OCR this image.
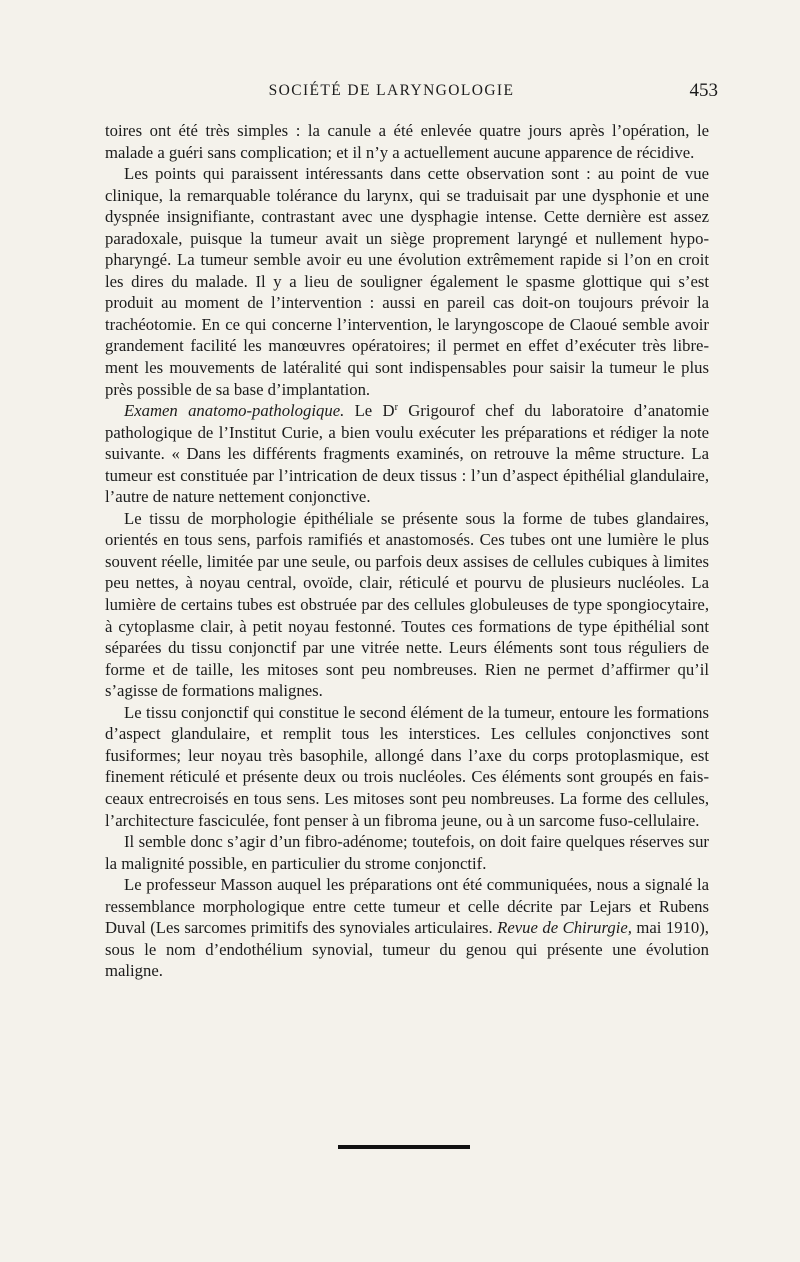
SOCIÉTÉ DE LARYNGOLOGIE	453

toires ont été très simples : la canule a été enlevée quatre jours après l’opération, le malade a guéri sans complication; et il n’y a actuellement aucune apparence de récidive.

Les points qui paraissent intéressants dans cette observation sont : au point de vue clinique, la remarquable tolérance du larynx, qui se traduisait par une dysphonie et une dyspnée insignifiante, contrastant avec une dysphagie intense. Cette dernière est assez paradoxale, puisque la tumeur avait un siège proprement laryngé et nullement hypopharyngé. La tumeur semble avoir eu une évolution extrêmement rapide si l’on en croit les dires du malade. Il y a lieu de souligner également le spasme glottique qui s’est produit au moment de l’intervention : aussi en pareil cas doit-on toujours prévoir la trachéotomie. En ce qui concerne l’intervention, le laryngoscope de Claoué semble avoir grandement facilité les manœuvres opératoires; il permet en effet d’exécuter très librement les mouvements de latéralité qui sont indispensables pour saisir la tumeur le plus près possible de sa base d’implantation.

Examen anatomo-pathologique. Le $D^r$ Grigourof chef du laboratoire d’anatomie pathologique de l’Institut Curie, a bien voulu exécuter les préparations et rédiger la note suivante. « Dans les différents fragments examinés, on retrouve la même structure. La tumeur est constituée par l’intrication de deux tissus : l’un d’aspect épithélial glandulaire, l’autre de nature nettement conjonctive.

Le tissu de morphologie épithéliale se présente sous la forme de tubes glandaires, orientés en tous sens, parfois ramifiés et anastomosés. Ces tubes ont une lumière le plus souvent réelle, limitée par une seule, ou parfois deux assises de cellules cubiques à limites peu nettes, à noyau central, ovoïde, clair, réticulé et pourvu de plusieurs nucléoles. La lumière de certains tubes est obstruée par des cellules globuleuses de type spongiocytaire, à cytoplasme clair, à petit noyau festonné. Toutes ces formations de type épithélial sont séparées du tissu conjonctif par une vitrée nette. Leurs éléments sont tous réguliers de forme et de taille, les mitoses sont peu nombreuses. Rien ne permet d’affirmer qu’il s’agisse de formations malignes.

Le tissu conjonctif qui constitue le second élément de la tumeur, entoure les formations d’aspect glandulaire, et remplit tous les interstices. Les cellules conjonctives sont fusiformes; leur noyau très basophile, allongé dans l’axe du corps protoplasmique, est finement réticulé et présente deux ou trois nucléoles. Ces éléments sont groupés en faisceaux entrecroisés en tous sens. Les mitoses sont peu nombreuses. La forme des cellules, l’architecture fasciculée, font penser à un fibroma jeune, ou à un sarcome fuso-cellulaire.

Il semble donc s’agir d’un fibro-adénome; toutefois, on doit faire quelques réserves sur la malignité possible, en particulier du strome conjonctif.

Le professeur Masson auquel les préparations ont été communiquées, nous a signalé la ressemblance morphologique entre cette tumeur et celle décrite par Lejars et Rubens Duval (Les sarcomes primitifs des synoviales articulaires. Revue de Chirurgie, mai 1910), sous le nom d’endothélium synovial, tumeur du genou qui présente une évolution maligne.
